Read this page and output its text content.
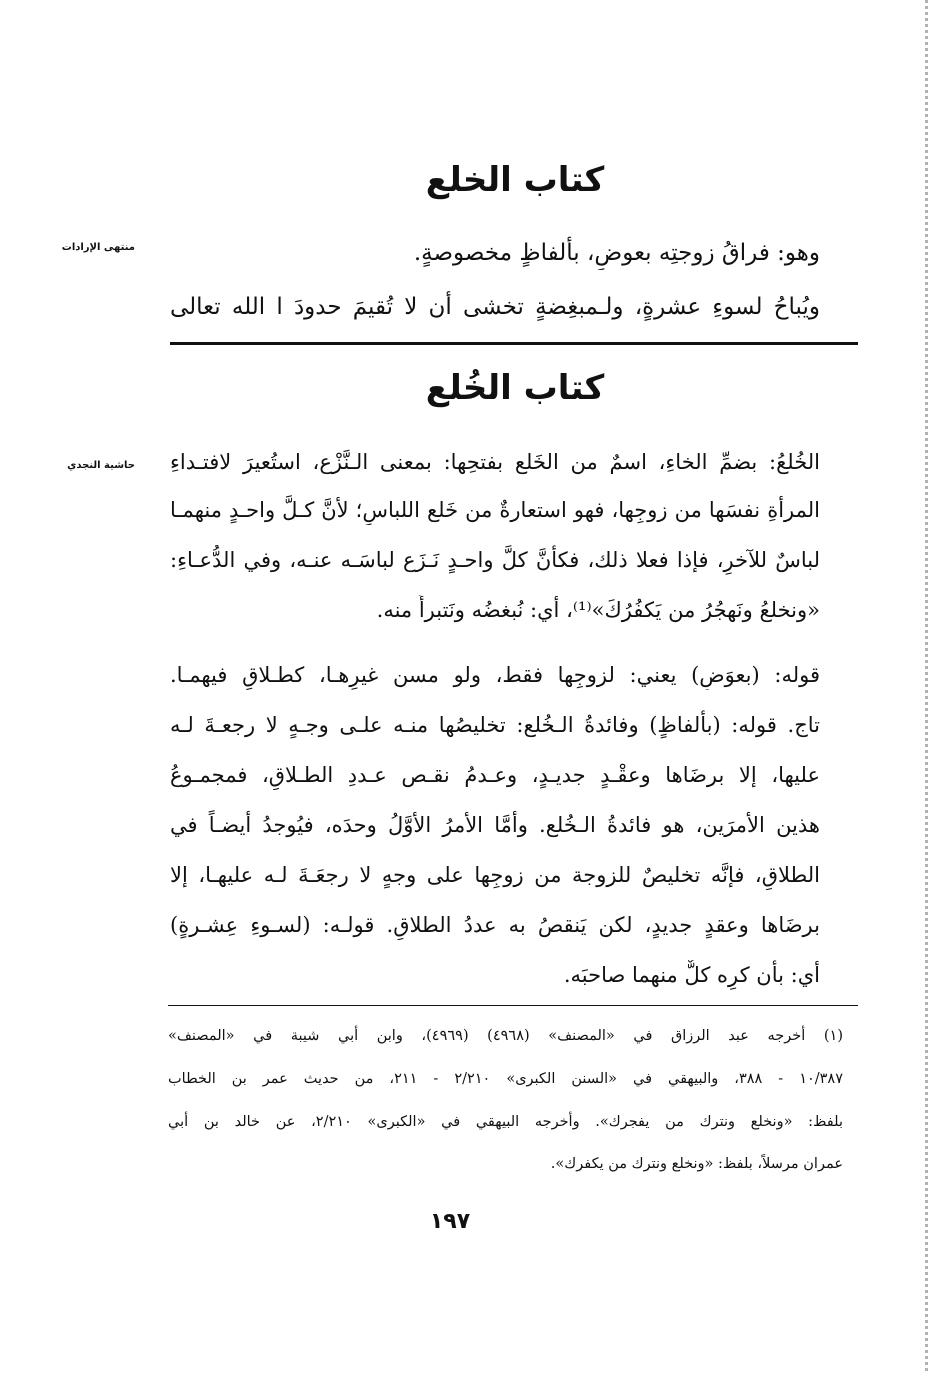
كتاب الخلع
منتهى الإرادات	وهو: فراقُ زوجتِه بعوضٍ، بألفاظٍ مخصوصةٍ.
ويُباحُ لسوءِ عشرةٍ، ولـمبغِضةٍ تخشى أن لا تُقيمَ حدودَ ا الله تعالى
كتاب الخُلع
حاشية النجدي الخُلعُ: بضمِّ الخاءِ، اسمٌ من الخَلع بفتحِها: بمعنى الـنَّزْع، استُعيرَ لافتـداءِ
المرأةِ نفسَها من زوجِها، فهو استعارةٌ من خَلع اللباسِ؛ لأنَّ كـلَّ واحـدٍ منهمـا
لباسٌ للآخرِ، فإذا فعلا ذلك، فكأنَّ كلَّ واحـدٍ نَـزَع لباسَـه عنـه، وفي الدُّعـاءِ:
«ونخلعُ ونَهجُرُ من يَكفُرُكَ»⁽¹⁾، أي: نُبغضُه ونَتبرأُ منه.
قوله: (بعوَضٍ) يعني: لزوجِها فقط، ولو مسن غيرِهـا، كطـلاقٍ فيهمـا.
تاج. قوله: (بألفاظٍ) وفائدةُ الـخُلع: تخليصُها منـه علـى وجـهٍ لا رجعـةَ لـه
عليها، إلا برضَاها وعقْـدٍ جديـدٍ، وعـدمُ نقـص عـددِ الطـلاقِ، فمجمـوعُ
هذين الأمرَين، هو فائدةُ الـخُلع. وأمَّا الأمرُ الأوَّلُ وحدَه، فيُوجدُ أيضـاً في
الطلاقِ، فإنَّه تخليصٌ للزوجة من زوجِها على وجهٍ لا رجعَـةَ لـه عليهـا، إلا
برضَاها وعقدٍ جديدٍ، لكن يَنقصُ به عددُ الطلاقِ. قولـه: (لسـوءِ عِشـرةٍ)
أي: بأن كرِه كلٌّ منهما صاحبَه.
(١) أخرجه عبد الرزاق في «المصنف» (٤٩٦٨) (٤٩٦٩)، وابن أبي شيبة في «المصنف»
١٠/٣٨٧ - ٣٨٨، والبيهقي في «السنن الكبرى» ٢/٢١٠ - ٢١١، من حديث عمر بن الخطاب
بلفظ: «ونخلع ونترك من يفجرك». وأخرجه البيهقي في «الكبرى» ٢/٢١٠، عن خالد بن أبي
عمران مرسلاً، بلفظ: «ونخلع ونترك من يكفرك».
١٩٧
